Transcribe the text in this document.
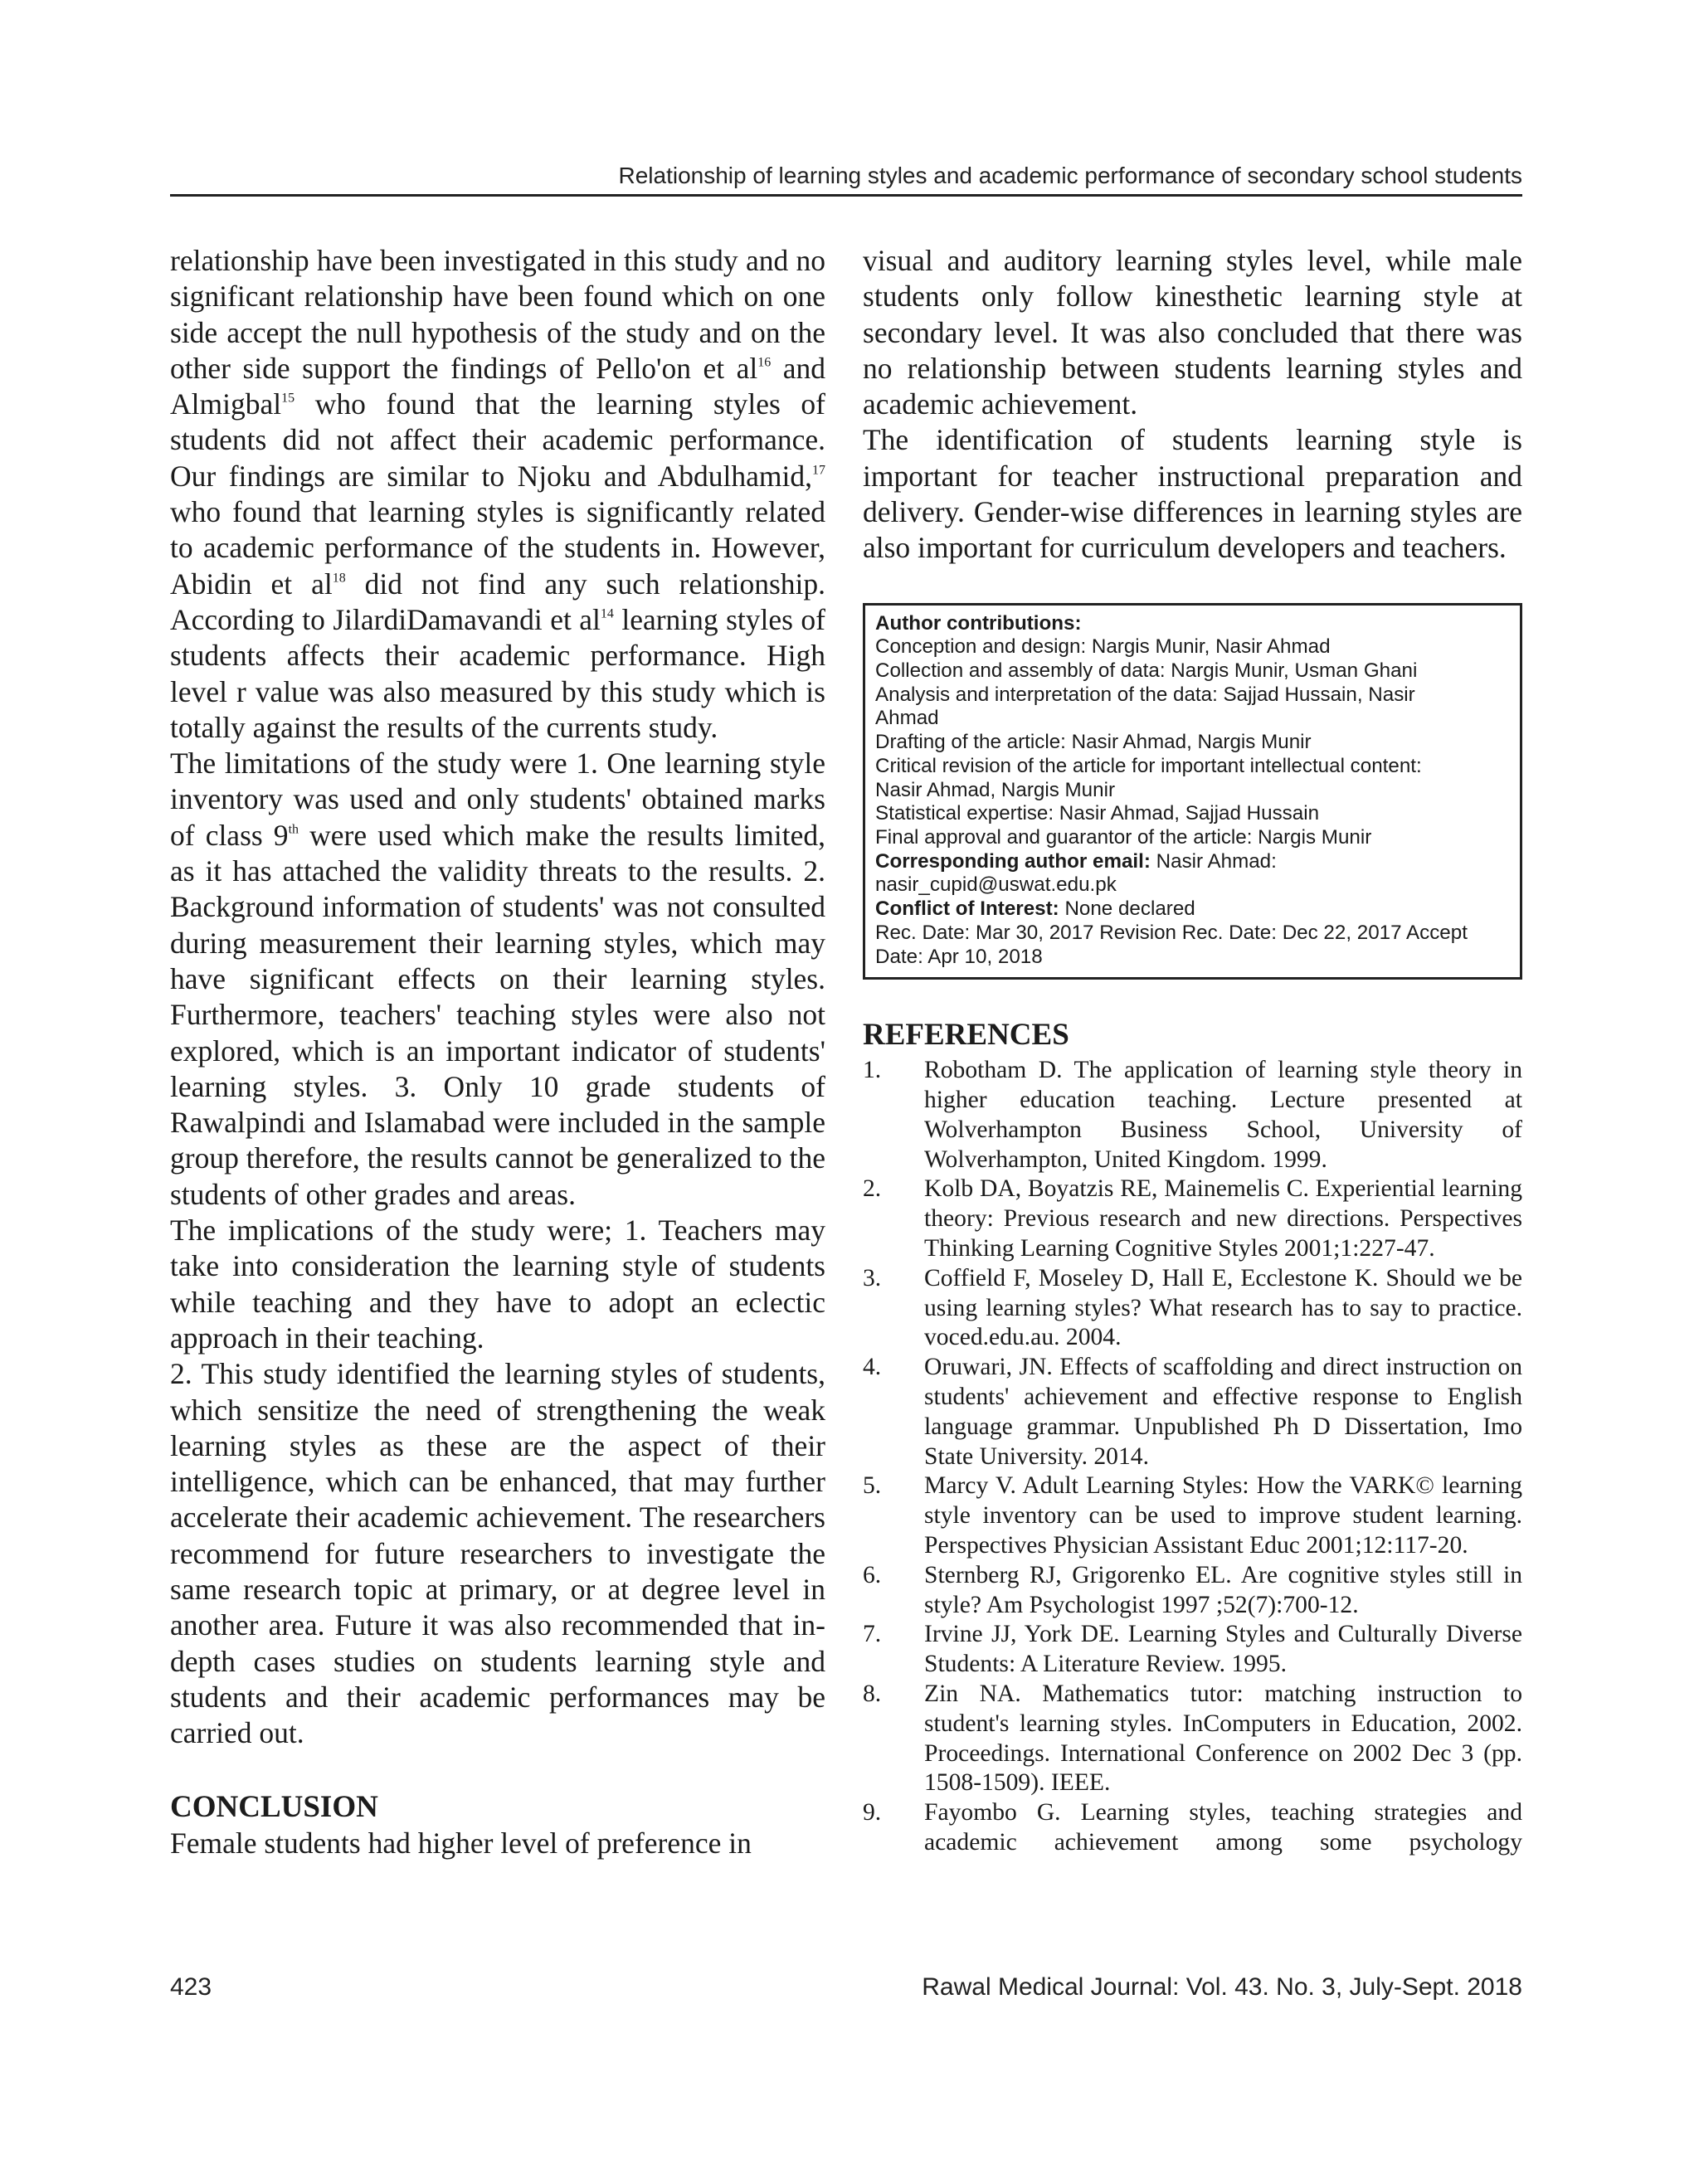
Relationship of learning styles and academic performance of secondary school students

relationship have been investigated in this study and no significant relationship have been found which on one side accept the null hypothesis of the study and on the other side support the findings of Pello'on et $al^{16}$ and Almigbal$^{15}$ who found that the learning styles of students did not affect their academic performance. Our findings are similar to Njoku and Abdulhamid,$^{17}$ who found that learning styles is significantly related to academic performance of the students in. However, Abidin et $al^{18}$ did not find any such relationship. According to JilardiDamavandi et $al^{14}$ learning styles of students affects their academic performance. High level r value was also measured by this study which is totally against the results of the currents study.

The limitations of the study were 1. One learning style inventory was used and only students' obtained marks of class 9th were used which make the results limited, as it has attached the validity threats to the results. 2. Background information of students' was not consulted during measurement their learning styles, which may have significant effects on their learning styles. Furthermore, teachers' teaching styles were also not explored, which is an important indicator of students' learning styles. 3. Only 10 grade students of Rawalpindi and Islamabad were included in the sample group therefore, the results cannot be generalized to the students of other grades and areas.

The implications of the study were; 1. Teachers may take into consideration the learning style of students while teaching and they have to adopt an eclectic approach in their teaching.

2. This study identified the learning styles of students, which sensitize the need of strengthening the weak learning styles as these are the aspect of their intelligence, which can be enhanced, that may further accelerate their academic achievement. The researchers recommend for future researchers to investigate the same research topic at primary, or at degree level in another area. Future it was also recommended that in-depth cases studies on students learning style and students and their academic performances may be carried out.

CONCLUSION

Female students had higher level of preference in

visual and auditory learning styles level, while male students only follow kinesthetic learning style at secondary level. It was also concluded that there was no relationship between students learning styles and academic achievement.

The identification of students learning style is important for teacher instructional preparation and delivery. Gender-wise differences in learning styles are also important for curriculum developers and teachers.

Author contributions:
Conception and design: Nargis Munir, Nasir Ahmad
Collection and assembly of data: Nargis Munir, Usman Ghani
Analysis and interpretation of the data: Sajjad Hussain, Nasir
Ahmad
Drafting of the article: Nasir Ahmad, Nargis Munir
Critical revision of the article for important intellectual content:
Nasir Ahmad, Nargis Munir
Statistical expertise: Nasir Ahmad, Sajjad Hussain
Final approval and guarantor of the article: Nargis Munir
Corresponding author email: Nasir Ahmad:
nasir_cupid@uswat.edu.pk
Conflict of Interest: None declared
Rec. Date: Mar 30, 2017 Revision Rec. Date: Dec 22, 2017 Accept
Date: Apr 10, 2018
REFERENCES
1. Robotham D. The application of learning style theory in higher education teaching. Lecture presented at Wolverhampton Business School, University of Wolverhampton, United Kingdom. 1999.
2. Kolb DA, Boyatzis RE, Mainemelis C. Experiential learning theory: Previous research and new directions. Perspectives Thinking Learning Cognitive Styles 2001;1:227-47.
3. Coffield F, Moseley D, Hall E, Ecclestone K. Should we be using learning styles? What research has to say to practice. voced.edu.au. 2004.
4. Oruwari, JN. Effects of scaffolding and direct instruction on students' achievement and effective response to English language grammar. Unpublished Ph D Dissertation, Imo State University. 2014.
5. Marcy V. Adult Learning Styles: How the VARK© learning style inventory can be used to improve student learning. Perspectives Physician Assistant Educ 2001;12:117-20.
6. Sternberg RJ, Grigorenko EL. Are cognitive styles still in style? Am Psychologist 1997 ;52(7):700-12.
7. Irvine JJ, York DE. Learning Styles and Culturally Diverse Students: A Literature Review. 1995.
8. Zin NA. Mathematics tutor: matching instruction to student's learning styles. InComputers in Education, 2002. Proceedings. International Conference on 2002 Dec 3 (pp. 1508-1509). IEEE.
9. Fayombo G. Learning styles, teaching strategies and academic achievement among some psychology
423	Rawal Medical Journal: Vol. 43. No. 3, July-Sept. 2018
